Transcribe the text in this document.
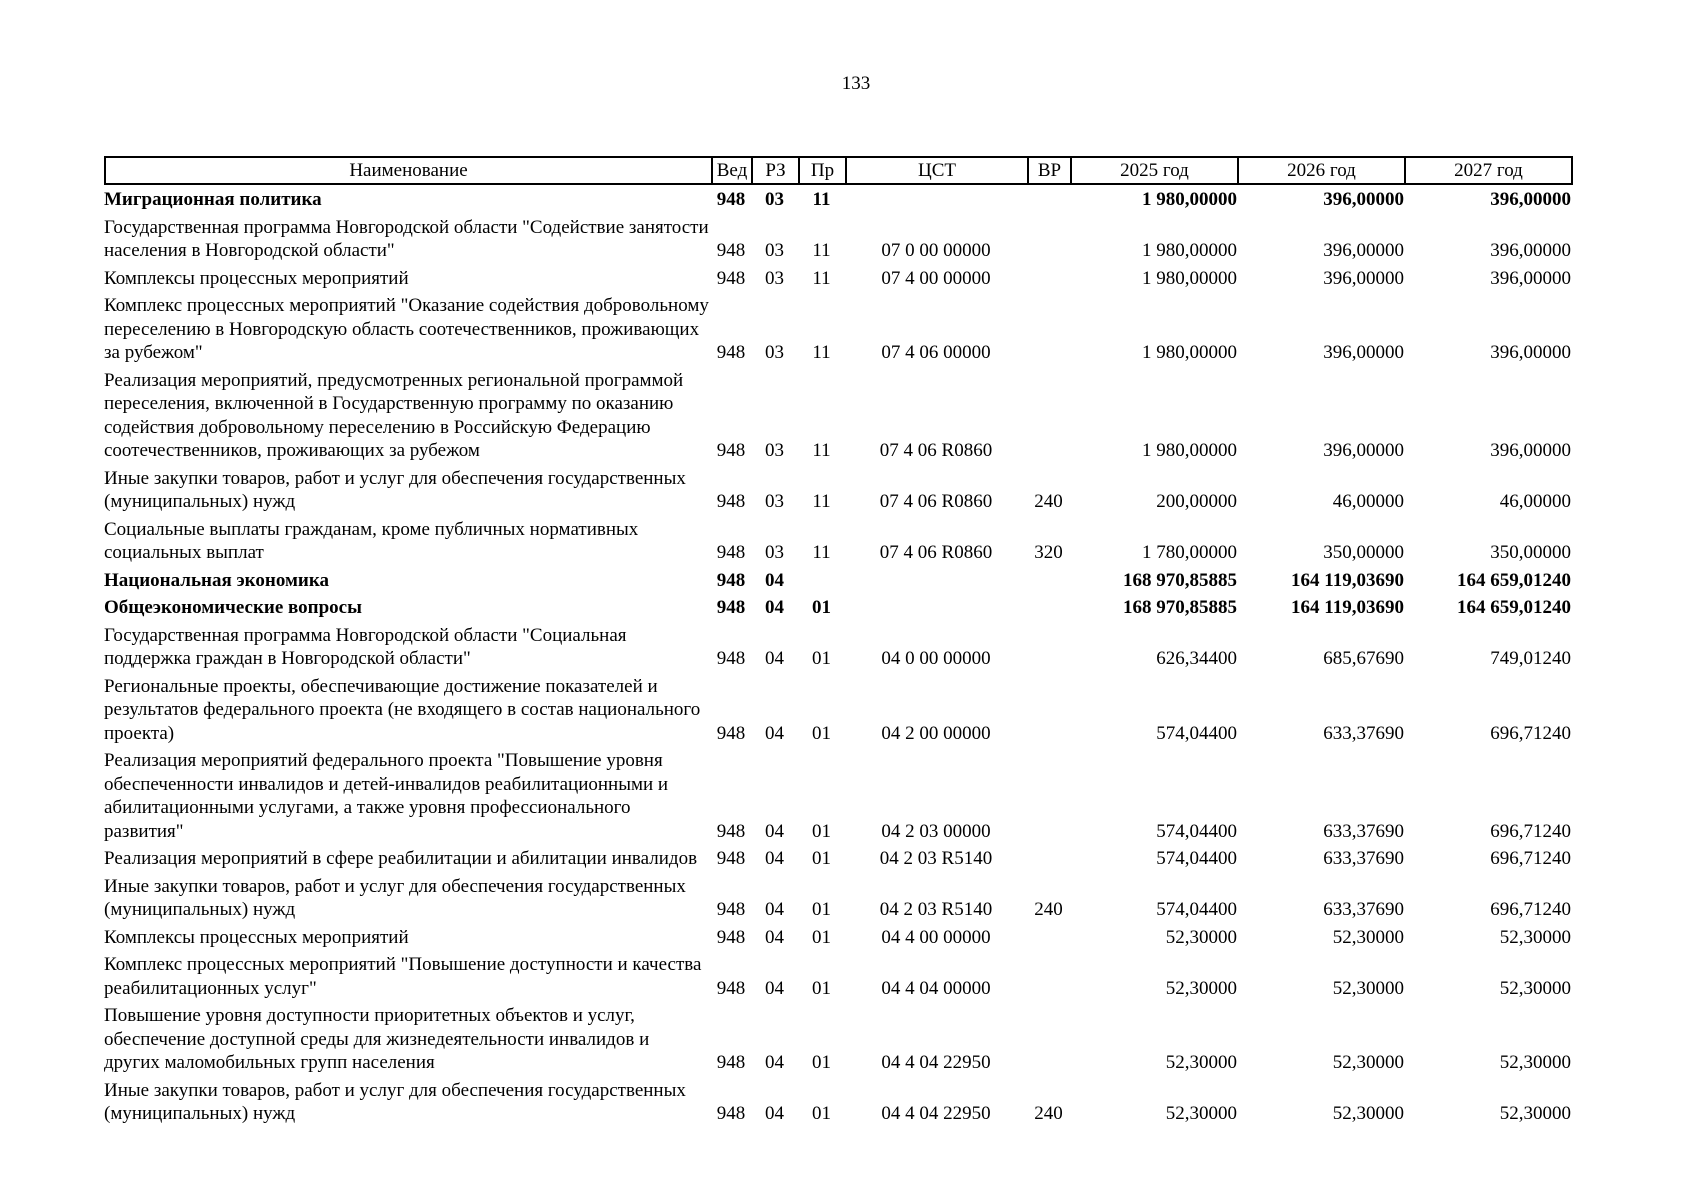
133
Наименование	Вед	РЗ	Пр	ЦСТ	ВР	2025 год	2026 год	2027 год
Миграционная политика	948	03	11			1 980,00000	396,00000	396,00000
Государственная программа Новгородской области "Содействие занятости населения в Новгородской области"	948	03	11	07 0 00 00000		1 980,00000	396,00000	396,00000
Комплексы процессных мероприятий	948	03	11	07 4 00 00000		1 980,00000	396,00000	396,00000
Комплекс процессных мероприятий "Оказание содействия добровольному переселению в Новгородскую область соотечественников, проживающих за рубежом"	948	03	11	07 4 06 00000		1 980,00000	396,00000	396,00000
Реализация мероприятий, предусмотренных региональной программой переселения, включенной в Государственную программу по оказанию содействия добровольному переселению в Российскую Федерацию соотечественников, проживающих за рубежом	948	03	11	07 4 06 R0860		1 980,00000	396,00000	396,00000
Иные закупки товаров, работ и услуг для обеспечения государственных (муниципальных) нужд	948	03	11	07 4 06 R0860	240	200,00000	46,00000	46,00000
Социальные выплаты гражданам, кроме публичных нормативных социальных выплат	948	03	11	07 4 06 R0860	320	1 780,00000	350,00000	350,00000
Национальная экономика	948	04				168 970,85885	164 119,03690	164 659,01240
Общеэкономические вопросы	948	04	01			168 970,85885	164 119,03690	164 659,01240
Государственная программа Новгородской области "Социальная поддержка граждан в Новгородской области"	948	04	01	04 0 00 00000		626,34400	685,67690	749,01240
Региональные проекты, обеспечивающие достижение показателей и результатов федерального проекта (не входящего в состав национального проекта)	948	04	01	04 2 00 00000		574,04400	633,37690	696,71240
Реализация мероприятий федерального проекта "Повышение уровня обеспеченности инвалидов и детей-инвалидов реабилитационными и абилитационными услугами, а также уровня профессионального развития"	948	04	01	04 2 03 00000		574,04400	633,37690	696,71240
Реализация мероприятий в сфере реабилитации и абилитации инвалидов	948	04	01	04 2 03 R5140		574,04400	633,37690	696,71240
Иные закупки товаров, работ и услуг для обеспечения государственных (муниципальных) нужд	948	04	01	04 2 03 R5140	240	574,04400	633,37690	696,71240
Комплексы процессных мероприятий	948	04	01	04 4 00 00000		52,30000	52,30000	52,30000
Комплекс процессных мероприятий "Повышение доступности и качества реабилитационных услуг"	948	04	01	04 4 04 00000		52,30000	52,30000	52,30000
Повышение уровня доступности приоритетных объектов и услуг, обеспечение доступной среды для жизнедеятельности инвалидов и других маломобильных групп населения	948	04	01	04 4 04 22950		52,30000	52,30000	52,30000
Иные закупки товаров, работ и услуг для обеспечения государственных (муниципальных) нужд	948	04	01	04 4 04 22950	240	52,30000	52,30000	52,30000
